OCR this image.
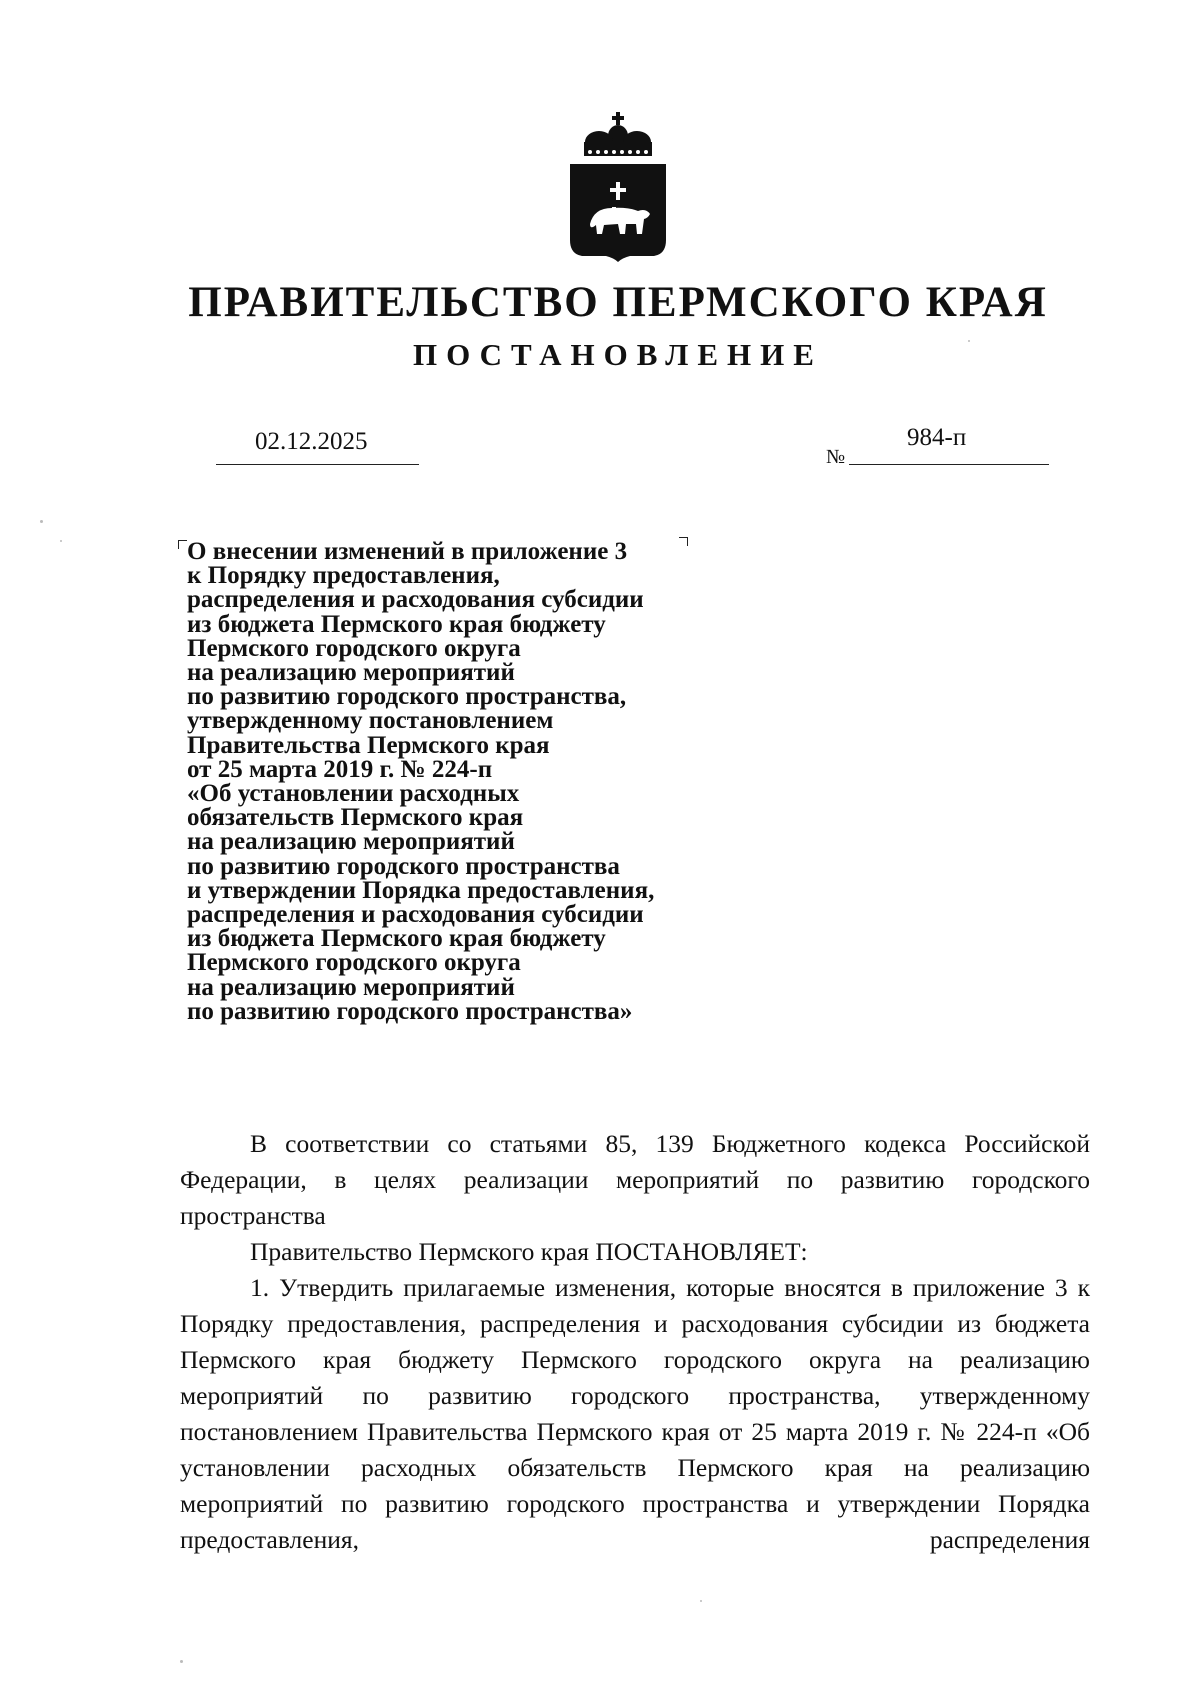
ПРАВИТЕЛЬСТВО ПЕРМСКОГО КРАЯ
ПОСТАНОВЛЕНИЕ
02.12.2025
№
984-п
О внесении изменений в приложение 3
к Порядку предоставления,
распределения и расходования субсидии
из бюджета Пермского края бюджету
Пермского городского округа
на реализацию мероприятий
по развитию городского пространства,
утвержденному постановлением
Правительства Пермского края
от 25 марта 2019 г. № 224-п
«Об установлении расходных
обязательств Пермского края
на реализацию мероприятий
по развитию городского пространства
и утверждении Порядка предоставления,
распределения и расходования субсидии
из бюджета Пермского края бюджету
Пермского городского округа
на реализацию мероприятий
по развитию городского пространства»

В соответствии со статьями 85, 139 Бюджетного кодекса Российской Федерации, в целях реализации мероприятий по развитию городского пространства

Правительство Пермского края ПОСТАНОВЛЯЕТ:

1. Утвердить прилагаемые изменения, которые вносятся в приложение 3 к Порядку предоставления, распределения и расходования субсидии из бюджета Пермского края бюджету Пермского городского округа на реализацию мероприятий по развитию городского пространства, утвержденному постановлением Правительства Пермского края от 25 марта 2019 г. № 224-п «Об установлении расходных обязательств Пермского края на реализацию мероприятий по развитию городского пространства и утверждении Порядка предоставления, распределения
